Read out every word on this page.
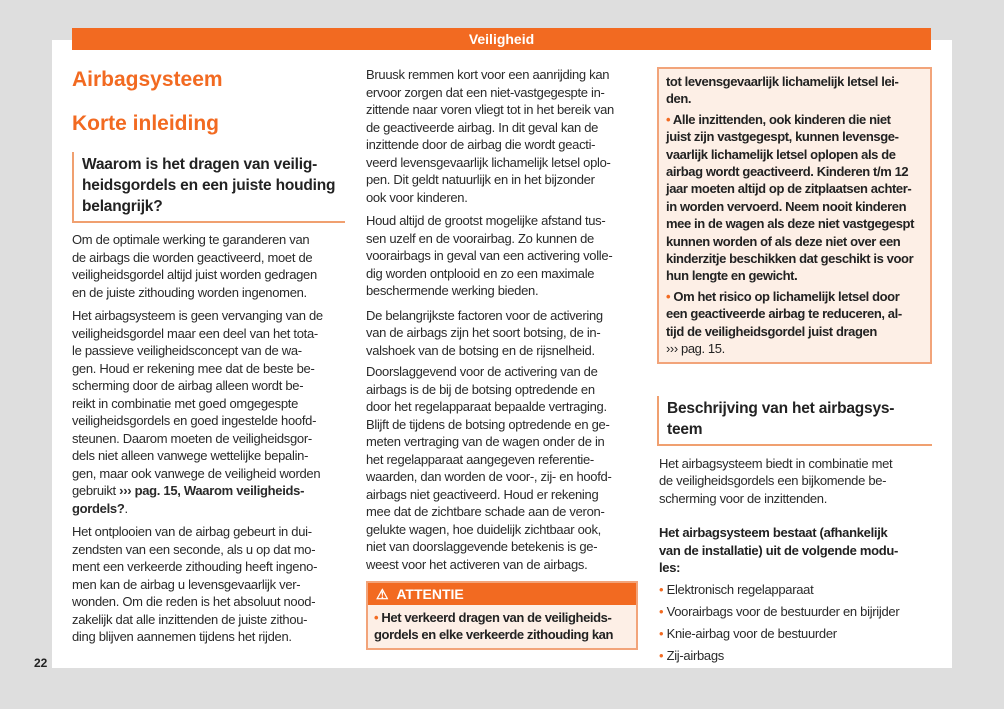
Veiligheid
22
Airbagsysteem
Korte inleiding
Waarom is het dragen van veilig-
heidsgordels en een juiste houding
belangrijk?
Om de optimale werking te garanderen van
de airbags die worden geactiveerd, moet de
veiligheidsgordel altijd juist worden gedragen
en de juiste zithouding worden ingenomen.
Het airbagsysteem is geen vervanging van de
veiligheidsgordel maar een deel van het tota-
le passieve veiligheidsconcept van de wa-
gen. Houd er rekening mee dat de beste be-
scherming door de airbag alleen wordt be-
reikt in combinatie met goed omgegespte
veiligheidsgordels en goed ingestelde hoofd-
steunen. Daarom moeten de veiligheidsgor-
dels niet alleen vanwege wettelijke bepalin-
gen, maar ook vanwege de veiligheid worden
gebruikt ››› pag. 15, Waarom veiligheids-
gordels?.
Het ontplooien van de airbag gebeurt in dui-
zendsten van een seconde, als u op dat mo-
ment een verkeerde zithouding heeft ingeno-
men kan de airbag u levensgevaarlijk ver-
wonden. Om die reden is het absoluut nood-
zakelijk dat alle inzittenden de juiste zithou-
ding blijven aannemen tijdens het rijden.
Bruusk remmen kort voor een aanrijding kan
ervoor zorgen dat een niet-vastgegespte in-
zittende naar voren vliegt tot in het bereik van
de geactiveerde airbag. In dit geval kan de
inzittende door de airbag die wordt geacti-
veerd levensgevaarlijk lichamelijk letsel oplo-
pen. Dit geldt natuurlijk en in het bijzonder
ook voor kinderen.
Houd altijd de grootst mogelijke afstand tus-
sen uzelf en de voorairbag. Zo kunnen de
voorairbags in geval van een activering volle-
dig worden ontplooid en zo een maximale
beschermende werking bieden.
De belangrijkste factoren voor de activering
van de airbags zijn het soort botsing, de in-
valshoek van de botsing en de rijsnelheid.
Doorslaggevend voor de activering van de
airbags is de bij de botsing optredende en
door het regelapparaat bepaalde vertraging.
Blijft de tijdens de botsing optredende en ge-
meten vertraging van de wagen onder de in
het regelapparaat aangegeven referentie-
waarden, dan worden de voor-, zij- en hoofd-
airbags niet geactiveerd. Houd er rekening
mee dat de zichtbare schade aan de veron-
gelukte wagen, hoe duidelijk zichtbaar ook,
niet van doorslaggevende betekenis is ge-
weest voor het activeren van de airbags.
⚠ ATTENTIE
• Het verkeerd dragen van de veiligheids-
gordels en elke verkeerde zithouding kan
tot levensgevaarlijk lichamelijk letsel lei-
den.
• Alle inzittenden, ook kinderen die niet
juist zijn vastgegespt, kunnen levensge-
vaarlijk lichamelijk letsel oplopen als de
airbag wordt geactiveerd. Kinderen t/m 12
jaar moeten altijd op de zitplaatsen achter-
in worden vervoerd. Neem nooit kinderen
mee in de wagen als deze niet vastgegespt
kunnen worden of als deze niet over een
kinderzitje beschikken dat geschikt is voor
hun lengte en gewicht.
• Om het risico op lichamelijk letsel door
een geactiveerde airbag te reduceren, al-
tijd de veiligheidsgordel juist dragen
››› pag. 15.
Beschrijving van het airbagsys-
teem
Het airbagsysteem biedt in combinatie met
de veiligheidsgordels een bijkomende be-
scherming voor de inzittenden.
Het airbagsysteem bestaat (afhankelijk
van de installatie) uit de volgende modu-
les:
• Elektronisch regelapparaat
• Voorairbags voor de bestuurder en bijrijder
• Knie-airbag voor de bestuurder
• Zij-airbags
